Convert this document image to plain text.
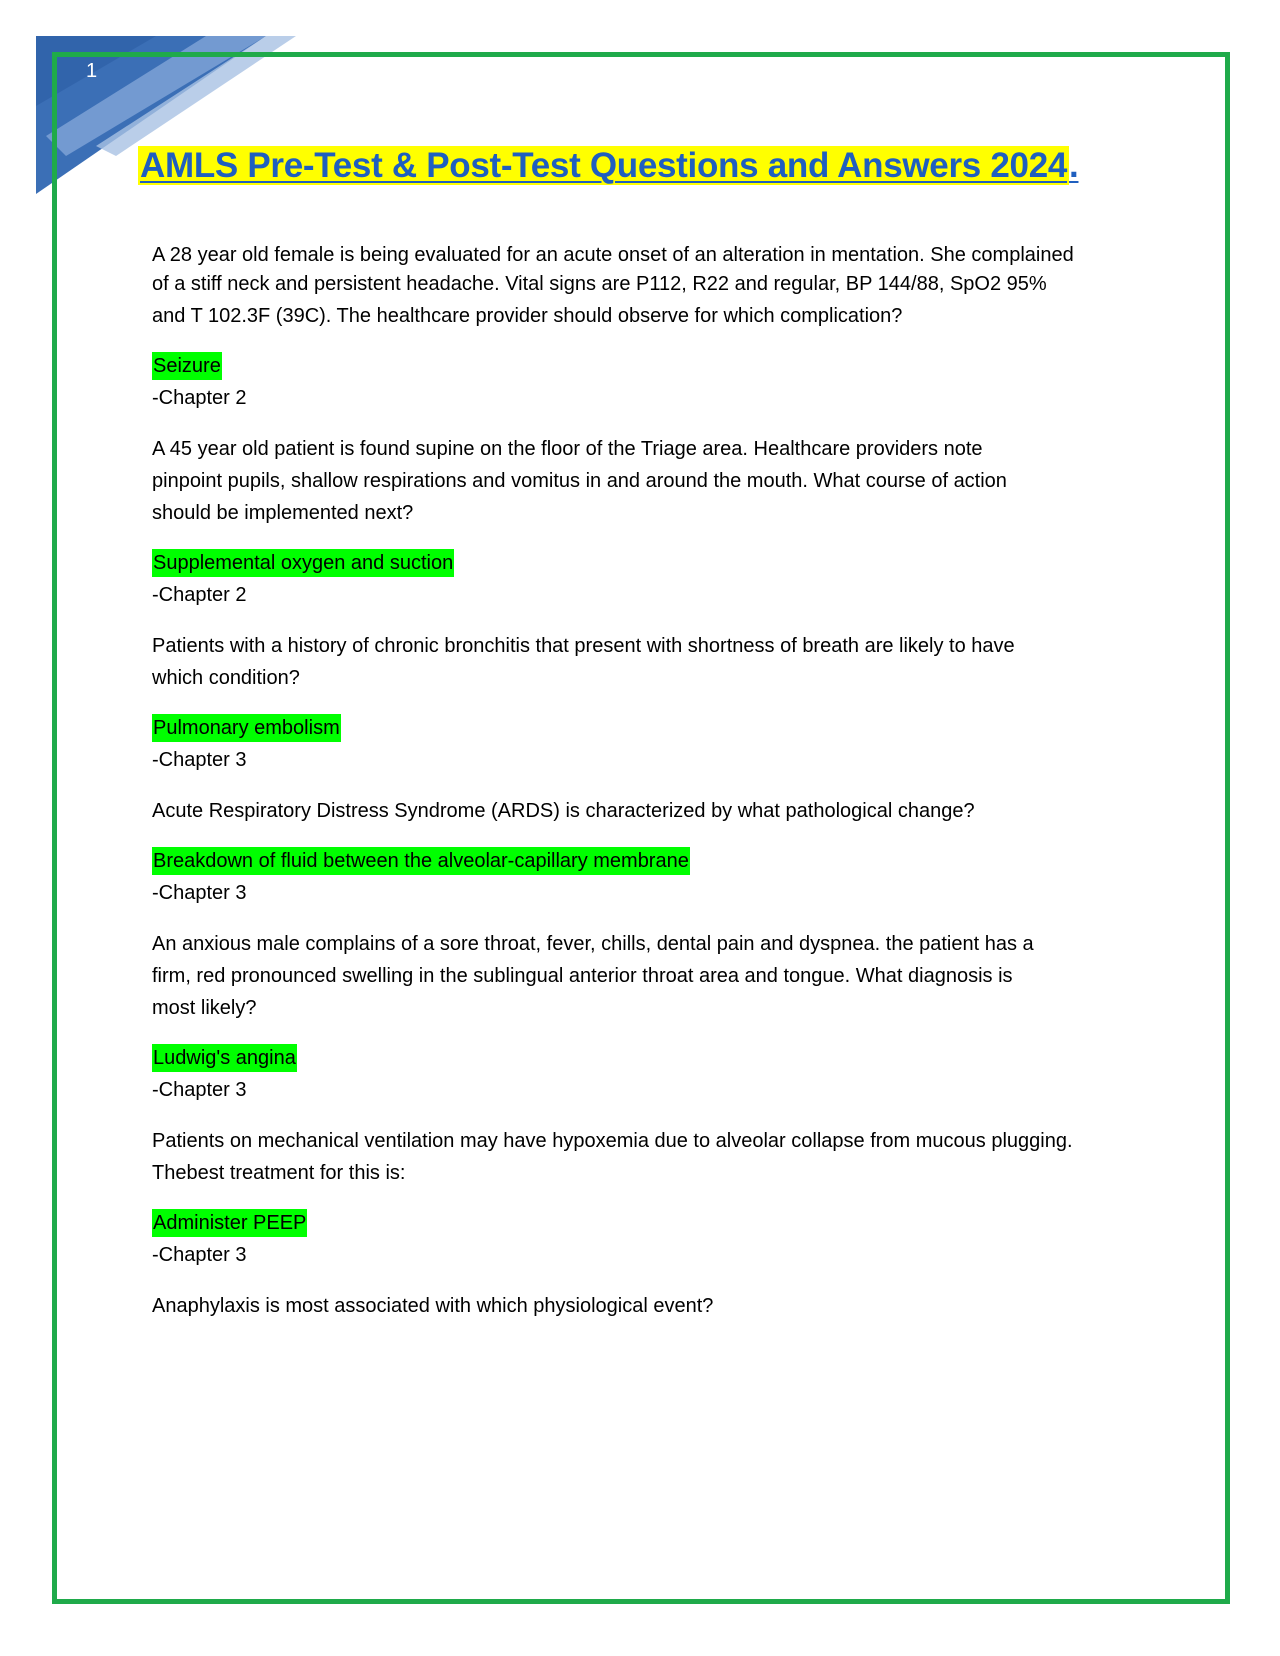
1
AMLS Pre-Test & Post-Test Questions and Answers 2024.
A 28 year old female is being evaluated for an acute onset of an alteration in mentation. She complained
of a stiff neck and persistent headache. Vital signs are P112, R22 and regular, BP 144/88, SpO2 95%
and T 102.3F (39C). The healthcare provider should observe for which complication?
Seizure
-Chapter 2
A 45 year old patient is found supine on the floor of the Triage area. Healthcare providers note
pinpoint pupils, shallow respirations and vomitus in and around the mouth. What course of action
should be implemented next?
Supplemental oxygen and suction
-Chapter 2
Patients with a history of chronic bronchitis that present with shortness of breath are likely to have
which condition?
Pulmonary embolism
-Chapter 3
Acute Respiratory Distress Syndrome (ARDS) is characterized by what pathological change?
Breakdown of fluid between the alveolar-capillary membrane
-Chapter 3
An anxious male complains of a sore throat, fever, chills, dental pain and dyspnea. the patient has a
firm, red pronounced swelling in the sublingual anterior throat area and tongue. What diagnosis is
most likely?
Ludwig's angina
-Chapter 3
Patients on mechanical ventilation may have hypoxemia due to alveolar collapse from mucous plugging.
Thebest treatment for this is:
Administer PEEP
-Chapter 3
Anaphylaxis is most associated with which physiological event?
